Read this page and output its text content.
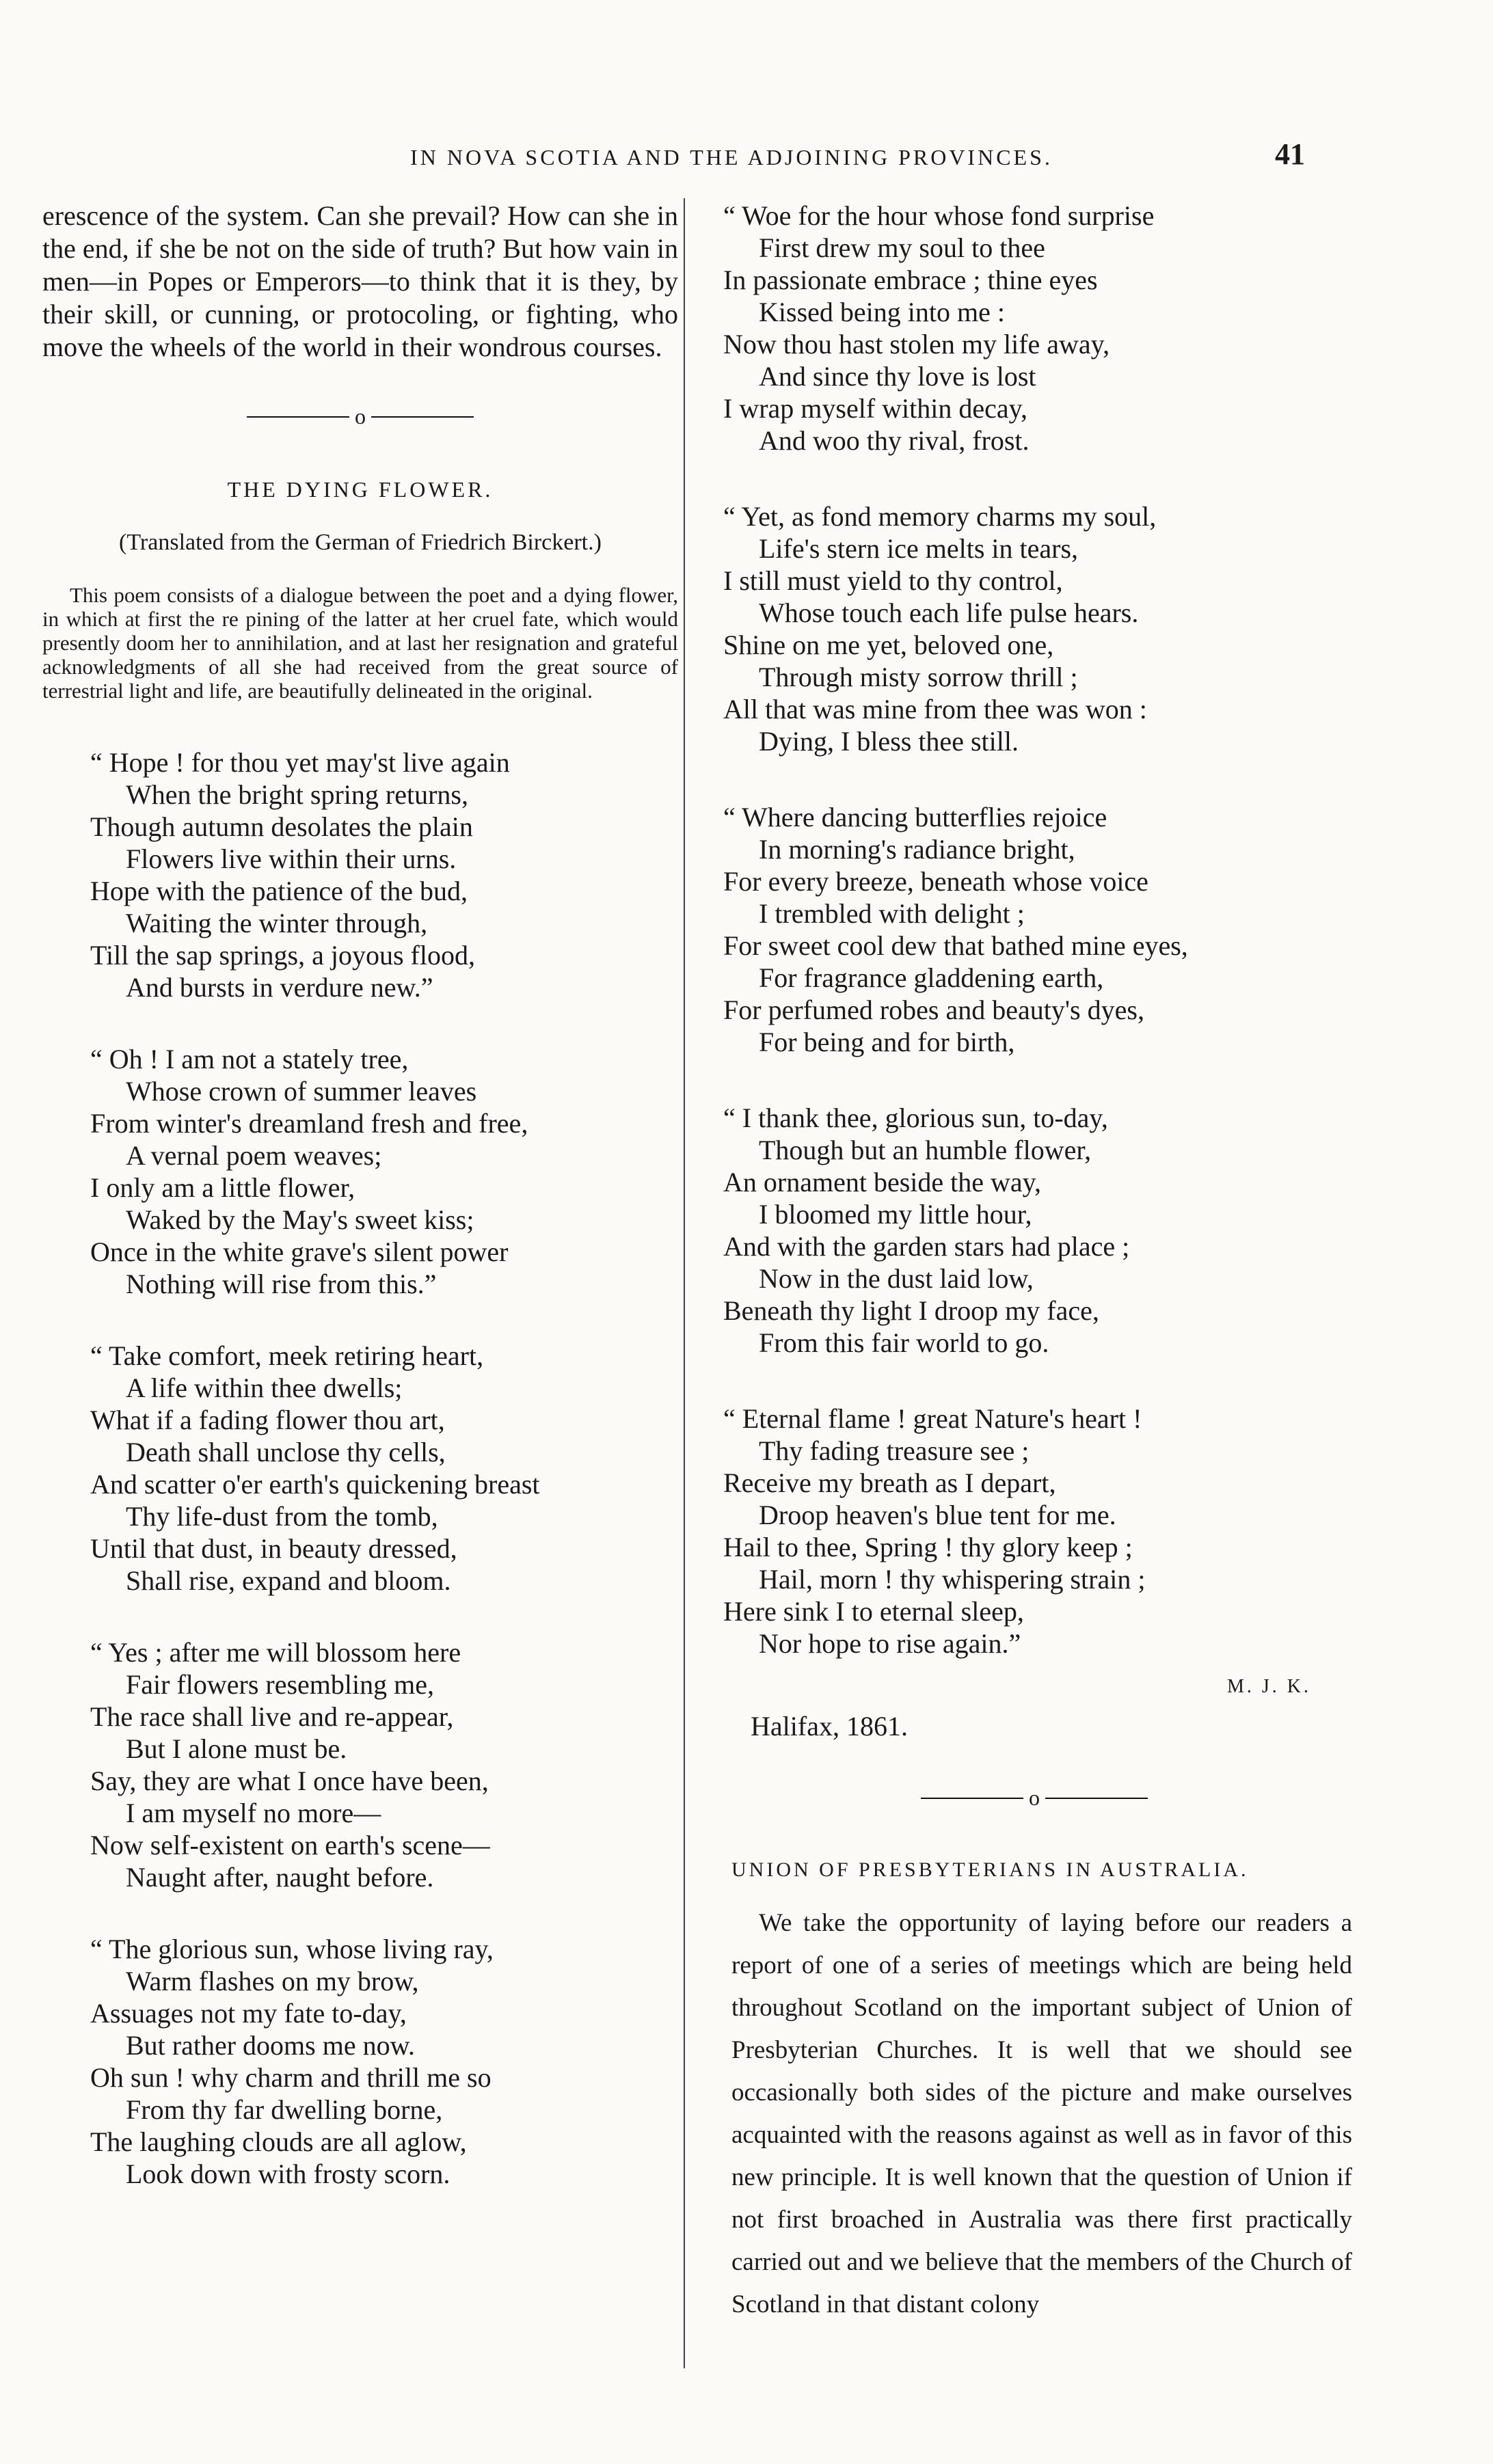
IN NOVA SCOTIA AND THE ADJOINING PROVINCES.	41

erescence of the system. Can she prevail? How can she in the end, if she be not on the side of truth? But how vain in men—in Popes or Emperors—to think that it is they, by their skill, or cunning, or protocoling, or fighting, who move the wheels of the world in their wondrous courses.

o
THE DYING FLOWER.
(Translated from the German of Friedrich Birckert.)

This poem consists of a dialogue between the poet and a dying flower, in which at first the re pining of the latter at her cruel fate, which would presently doom her to annihilation, and at last her resignation and grateful acknowledgments of all she had received from the great source of terrestrial light and life, are beautifully delineated in the original.

“ Hope ! for thou yet may'st live again
When the bright spring returns,
Though autumn desolates the plain
Flowers live within their urns.
Hope with the patience of the bud,
Waiting the winter through,
Till the sap springs, a joyous flood,
And bursts in verdure new.”
“ Oh ! I am not a stately tree,
Whose crown of summer leaves
From winter's dreamland fresh and free,
A vernal poem weaves;
I only am a little flower,
Waked by the May's sweet kiss;
Once in the white grave's silent power
Nothing will rise from this.”
“ Take comfort, meek retiring heart,
A life within thee dwells;
What if a fading flower thou art,
Death shall unclose thy cells,
And scatter o'er earth's quickening breast
Thy life-dust from the tomb,
Until that dust, in beauty dressed,
Shall rise, expand and bloom.
“ Yes ; after me will blossom here
Fair flowers resembling me,
The race shall live and re-appear,
But I alone must be.
Say, they are what I once have been,
I am myself no more—
Now self-existent on earth's scene—
Naught after, naught before.
“ The glorious sun, whose living ray,
Warm flashes on my brow,
Assuages not my fate to-day,
But rather dooms me now.
Oh sun ! why charm and thrill me so
From thy far dwelling borne,
The laughing clouds are all aglow,
Look down with frosty scorn.
“ Woe for the hour whose fond surprise
First drew my soul to thee
In passionate embrace ; thine eyes
Kissed being into me :
Now thou hast stolen my life away,
And since thy love is lost
I wrap myself within decay,
And woo thy rival, frost.
“ Yet, as fond memory charms my soul,
Life's stern ice melts in tears,
I still must yield to thy control,
Whose touch each life pulse hears.
Shine on me yet, beloved one,
Through misty sorrow thrill ;
All that was mine from thee was won :
Dying, I bless thee still.
“ Where dancing butterflies rejoice
In morning's radiance bright,
For every breeze, beneath whose voice
I trembled with delight ;
For sweet cool dew that bathed mine eyes,
For fragrance gladdening earth,
For perfumed robes and beauty's dyes,
For being and for birth,
“ I thank thee, glorious sun, to-day,
Though but an humble flower,
An ornament beside the way,
I bloomed my little hour,
And with the garden stars had place ;
Now in the dust laid low,
Beneath thy light I droop my face,
From this fair world to go.
“ Eternal flame ! great Nature's heart !
Thy fading treasure see ;
Receive my breath as I depart,
Droop heaven's blue tent for me.
Hail to thee, Spring ! thy glory keep ;
Hail, morn ! thy whispering strain ;
Here sink I to eternal sleep,
Nor hope to rise again.”
M. J. K.
Halifax, 1861.
o
UNION OF PRESBYTERIANS IN AUSTRALIA.

We take the opportunity of laying before our readers a report of one of a series of meetings which are being held throughout Scotland on the important subject of Union of Presbyterian Churches. It is well that we should see occasionally both sides of the picture and make ourselves acquainted with the reasons against as well as in favor of this new principle. It is well known that the question of Union if not first broached in Australia was there first practically carried out and we believe that the members of the Church of Scotland in that distant colony
